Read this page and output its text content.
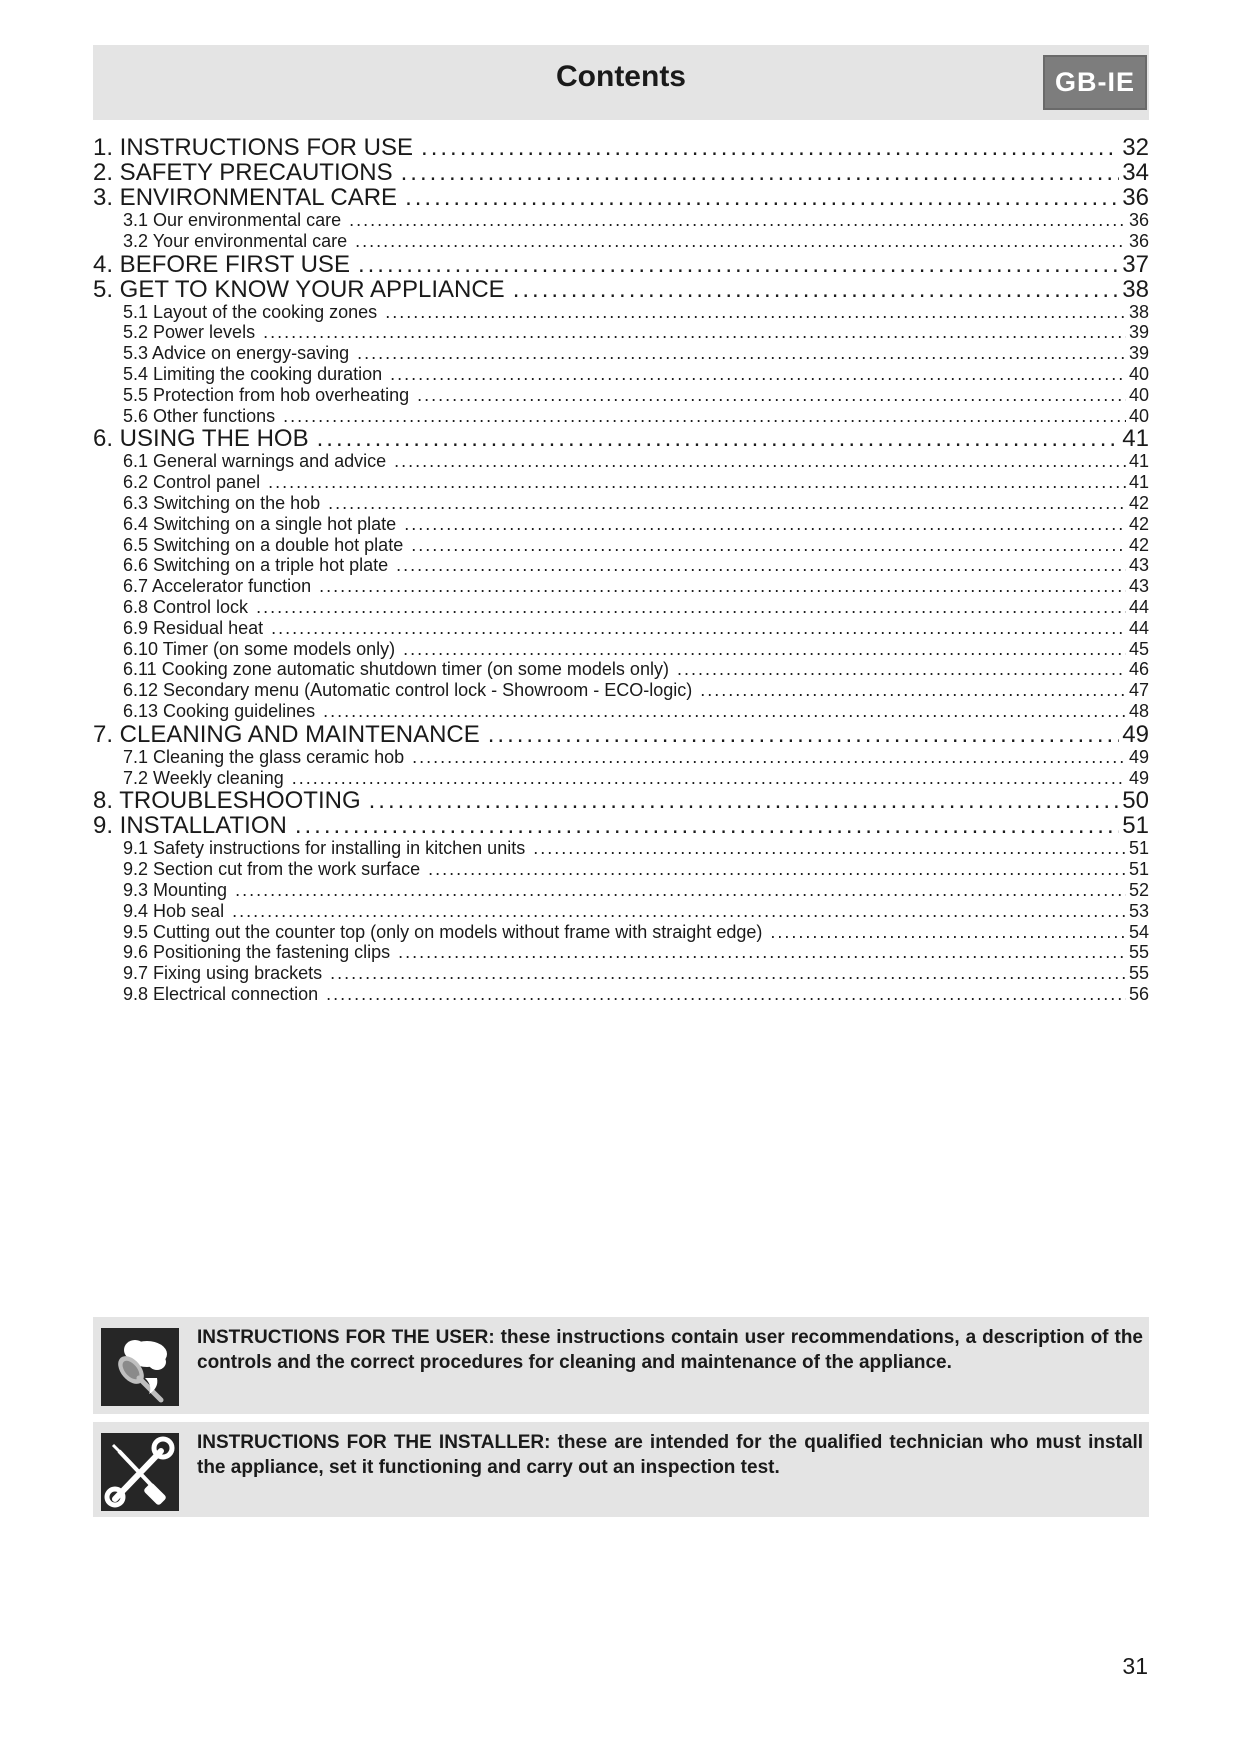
Contents	GB-IE
1. INSTRUCTIONS FOR USE .....	32
2. SAFETY PRECAUTIONS .....	34
3. ENVIRONMENTAL CARE .....	36
3.1 Our environmental care .....	36
3.2 Your environmental care .....	36
4. BEFORE FIRST USE .....	37
5. GET TO KNOW YOUR APPLIANCE .....	38
5.1 Layout of the cooking zones .....	38
5.2 Power levels .....	39
5.3 Advice on energy-saving .....	39
5.4 Limiting the cooking duration .....	40
5.5 Protection from hob overheating .....	40
5.6 Other functions .....	40
6. USING THE HOB .....	41
6.1 General warnings and advice .....	41
6.2 Control panel .....	41
6.3 Switching on the hob .....	42
6.4 Switching on a single hot plate .....	42
6.5 Switching on a double hot plate .....	42
6.6 Switching on a triple hot plate .....	43
6.7 Accelerator function .....	43
6.8 Control lock .....	44
6.9 Residual heat .....	44
6.10 Timer (on some models only) .....	45
6.11 Cooking zone automatic shutdown timer (on some models only) .....	46
6.12 Secondary menu (Automatic control lock - Showroom - ECO-logic) .....	47
6.13 Cooking guidelines .....	48
7. CLEANING AND MAINTENANCE .....	49
7.1 Cleaning the glass ceramic hob .....	49
7.2 Weekly cleaning .....	49
8. TROUBLESHOOTING .....	50
9. INSTALLATION .....	51
9.1 Safety instructions for installing in kitchen units .....	51
9.2 Section cut from the work surface .....	51
9.3 Mounting .....	52
9.4 Hob seal .....	53
9.5 Cutting out the counter top (only on models without frame with straight edge) .....	54
9.6 Positioning the fastening clips .....	55
9.7 Fixing using brackets .....	55
9.8 Electrical connection .....	56
INSTRUCTIONS FOR THE USER: these instructions contain user recommendations, a description of the controls and the correct procedures for cleaning and maintenance of the appliance.
INSTRUCTIONS FOR THE INSTALLER: these are intended for the qualified technician who must install the appliance, set it functioning and carry out an inspection test.
31
